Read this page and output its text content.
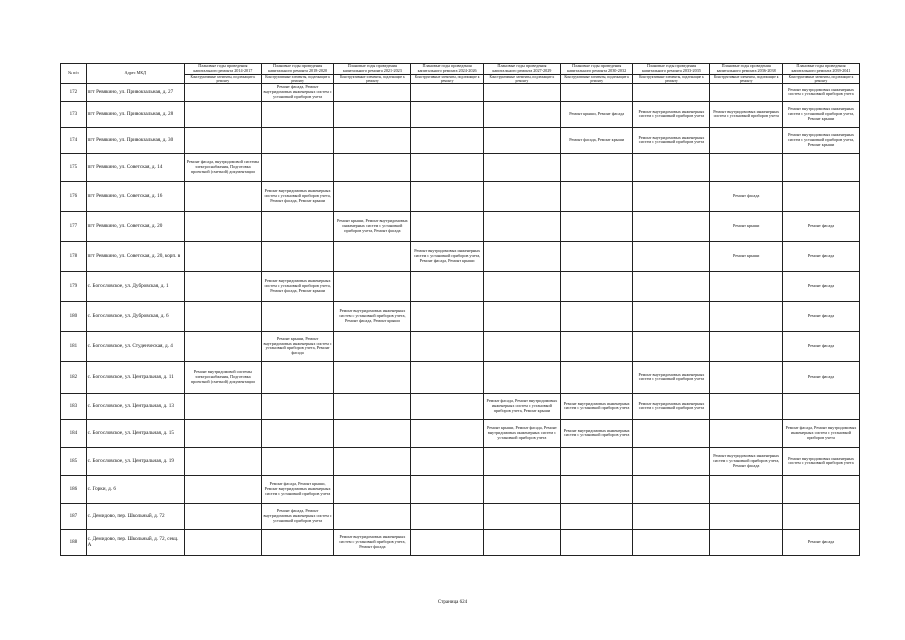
№ п/п	Адрес МКД	Плановые годы проведения капитального ремонта 2014-2017	Плановые годы проведения капитального ремонта 2018-2020	Плановые годы проведения капитального ремонта 2021-2023	Плановые годы проведения капитального ремонта 2024-2026	Плановые годы проведения капитального ремонта 2027-2029	Плановые годы проведения капитального ремонта 2030-2032	Плановые годы проведения капитального ремонта 2033-2035	Плановые годы проведения капитального ремонта 2036-2038	Плановые годы проведения капитального ремонта 2039-2041
		Конструктивные элементы, подлежащие к ремонту	Конструктивные элементы, подлежащие к ремонту	Конструктивные элементы, подлежащие к ремонту	Конструктивные элементы, подлежащие к ремонту	Конструктивные элементы, подлежащие к ремонту	Конструктивные элементы, подлежащие к ремонту	Конструктивные элементы, подлежащие к ремонту	Конструктивные элементы, подлежащие к ремонту	Конструктивные элементы, подлежащие к ремонту
172	пгт Ревякино, ул. Привокзальная, д. 27		Ремонт фасада, Ремонт внутридомовых инженерных систем с установкой приборов учета							Ремонт внутридомовых инженерных систем с установкой приборов учета
173	пгт Ревякино, ул. Привокзальная, д. 28						Ремонт крыши, Ремонт фасада	Ремонт внутридомовых инженерных систем с установкой приборов учета	Ремонт внутридомовых инженерных систем с установкой приборов учета	Ремонт внутридомовых инженерных систем с установкой приборов учета, Ремонт крыши
174	пгт Ревякино, ул. Привокзальная, д. 30						Ремонт фасада, Ремонт крыши	Ремонт внутридомовых инженерных систем с установкой приборов учета		Ремонт внутридомовых инженерных систем с установкой приборов учета, Ремонт крыши
175	пгт Ревякино, ул. Советская, д. 14	Ремонт фасада, внутридомовой системы электроснабжения, Подготовка проектной (сметной) документации								
176	пгт Ревякино, ул. Советская, д. 16		Ремонт внутридомовых инженерных систем с установкой приборов учета, Ремонт фасада, Ремонт крыши						Ремонт фасада	
177	пгт Ревякино, ул. Советская, д. 20			Ремонт крыши, Ремонт внутридомовых инженерных систем с установкой приборов учета, Ремонт фасада					Ремонт крыши	Ремонт фасада
178	пгт Ревякино, ул. Советская, д. 20, корп. в				Ремонт внутридомовых инженерных систем с установкой приборов учета, Ремонт фасада, Ремонт крыши				Ремонт крыши	Ремонт фасада
179	с. Богословское, ул. Дубровская, д. 1		Ремонт внутридомовых инженерных систем с установкой приборов учета, Ремонт фасада, Ремонт крыши							Ремонт фасада
180	с. Богословское, ул. Дубровская, д. 6			Ремонт внутридомовых инженерных систем с установкой приборов учета, Ремонт фасада, Ремонт крыши						Ремонт фасада
181	с. Богословское, ул. Студенческая, д. 4		Ремонт крыши, Ремонт внутридомовых инженерных систем с установкой приборов учета, Ремонт фасада							Ремонт фасада
182	с. Богословское, ул. Центральная, д. 11	Ремонт внутридомовой системы электроснабжения, Подготовка проектной (сметной) документации						Ремонт внутридомовых инженерных систем с установкой приборов учета		Ремонт фасада
183	с. Богословское, ул. Центральная, д. 13					Ремонт фасада, Ремонт внутридомовых инженерных систем с установкой приборов учета, Ремонт крыши	Ремонт внутридомовых инженерных систем с установкой приборов учета	Ремонт внутридомовых инженерных систем с установкой приборов учета		
184	с. Богословское, ул. Центральная, д. 15					Ремонт крыши, Ремонт фасада, Ремонт внутридомовых инженерных систем с установкой приборов учета	Ремонт внутридомовых инженерных систем с установкой приборов учета			Ремонт фасада, Ремонт внутридомовых инженерных систем с установкой приборов учета
185	с. Богословское, ул. Центральная, д. 19								Ремонт внутридомовых инженерных систем с установкой приборов учета, Ремонт фасада	Ремонт внутридомовых инженерных систем с установкой приборов учета
186	с. Горки, д. 6		Ремонт фасада, Ремонт крыши, Ремонт внутридомовых инженерных систем с установкой приборов учета							
187	с. Демидово, пер. Школьный, д. 72		Ремонт фасада, Ремонт внутридомовых инженерных систем с установкой приборов учета							
188	с. Демидово, пер. Школьный, д. 72, секц. А			Ремонт внутридомовых инженерных систем с установкой приборов учета, Ремонт фасада						Ремонт фасада
Страница 624
